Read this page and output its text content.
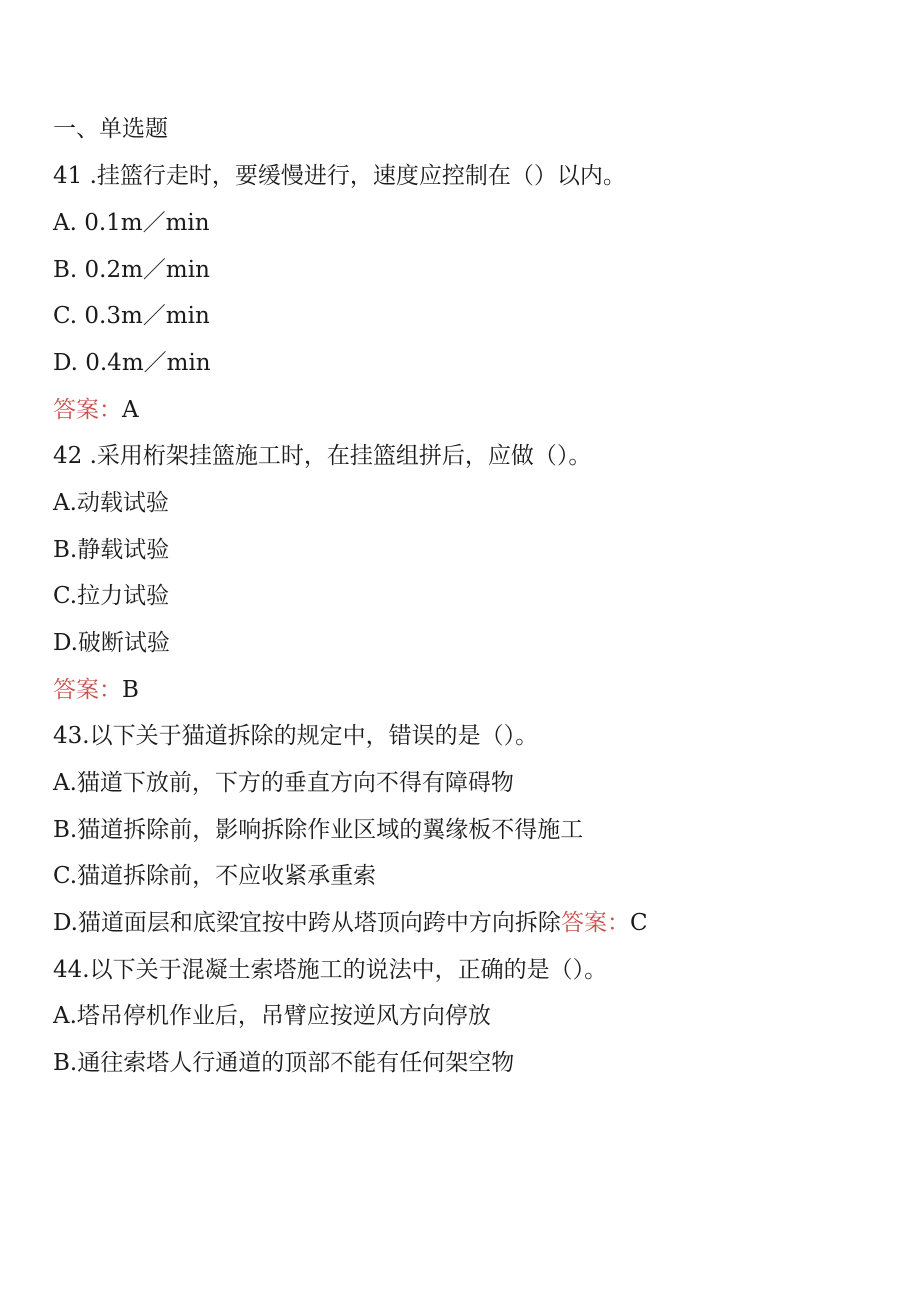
一、单选题
41 .挂篮行走时，要缓慢进行，速度应控制在（）以内。
A. 0.1m／min
B. 0.2m／min
C. 0.3m／min
D. 0.4m／min
答案：A
42 .采用桁架挂篮施工时，在挂篮组拼后，应做（）。
A.动载试验
B.静载试验
C.拉力试验
D.破断试验
答案：B
43.以下关于猫道拆除的规定中，错误的是（）。
A.猫道下放前，下方的垂直方向不得有障碍物
B.猫道拆除前，影响拆除作业区域的翼缘板不得施工
C.猫道拆除前，不应收紧承重索
D.猫道面层和底梁宜按中跨从塔顶向跨中方向拆除答案：C
44.以下关于混凝土索塔施工的说法中，正确的是（）。
A.塔吊停机作业后，吊臂应按逆风方向停放
B.通往索塔人行通道的顶部不能有任何架空物
